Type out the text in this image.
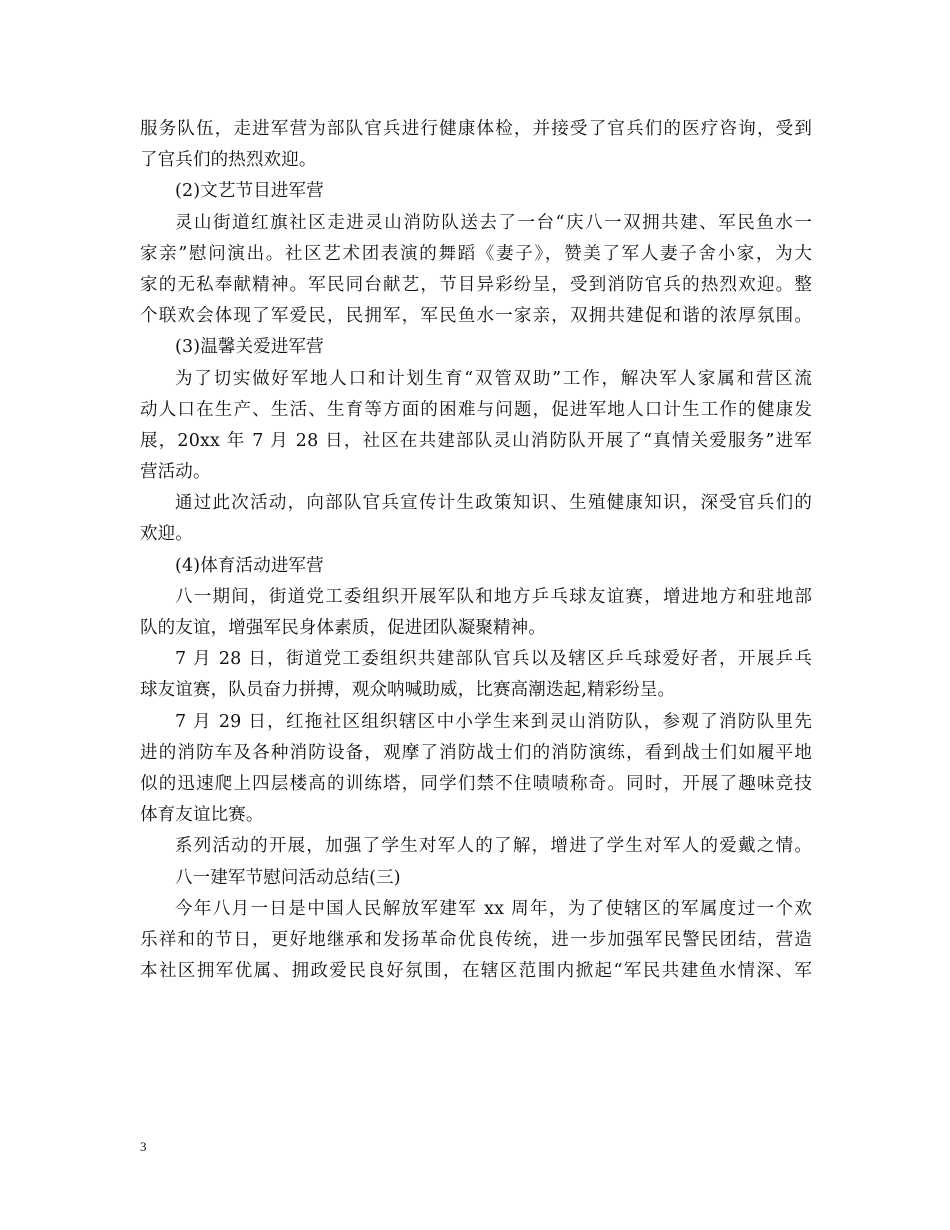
服务队伍，走进军营为部队官兵进行健康体检，并接受了官兵们的医疗咨询，受到
了官兵们的热烈欢迎。
(2)文艺节目进军营
灵山街道红旗社区走进灵山消防队送去了一台“庆八一双拥共建、军民鱼水一
家亲”慰问演出。社区艺术团表演的舞蹈《妻子》，赞美了军人妻子舍小家，为大
家的无私奉献精神。军民同台献艺，节目异彩纷呈，受到消防官兵的热烈欢迎。整
个联欢会体现了军爱民，民拥军，军民鱼水一家亲，双拥共建促和谐的浓厚氛围。
(3)温馨关爱进军营
为了切实做好军地人口和计划生育“双管双助”工作，解决军人家属和营区流
动人口在生产、生活、生育等方面的困难与问题，促进军地人口计生工作的健康发
展，20xx 年 7 月 28 日，社区在共建部队灵山消防队开展了“真情关爱服务”进军
营活动。
通过此次活动，向部队官兵宣传计生政策知识、生殖健康知识，深受官兵们的
欢迎。
(4)体育活动进军营
八一期间，街道党工委组织开展军队和地方乒乓球友谊赛，增进地方和驻地部
队的友谊，增强军民身体素质，促进团队凝聚精神。
7 月 28 日，街道党工委组织共建部队官兵以及辖区乒乓球爱好者，开展乒乓
球友谊赛，队员奋力拼搏，观众呐喊助威，比赛高潮迭起,精彩纷呈。
7 月 29 日，红拖社区组织辖区中小学生来到灵山消防队，参观了消防队里先
进的消防车及各种消防设备，观摩了消防战士们的消防演练，看到战士们如履平地
似的迅速爬上四层楼高的训练塔，同学们禁不住啧啧称奇。同时，开展了趣味竞技
体育友谊比赛。
系列活动的开展，加强了学生对军人的了解，增进了学生对军人的爱戴之情。
八一建军节慰问活动总结(三)
今年八月一日是中国人民解放军建军 xx 周年，为了使辖区的军属度过一个欢
乐祥和的节日，更好地继承和发扬革命优良传统，进一步加强军民警民团结，营造
本社区拥军优属、拥政爱民良好氛围，在辖区范围内掀起“军民共建鱼水情深、军
3
